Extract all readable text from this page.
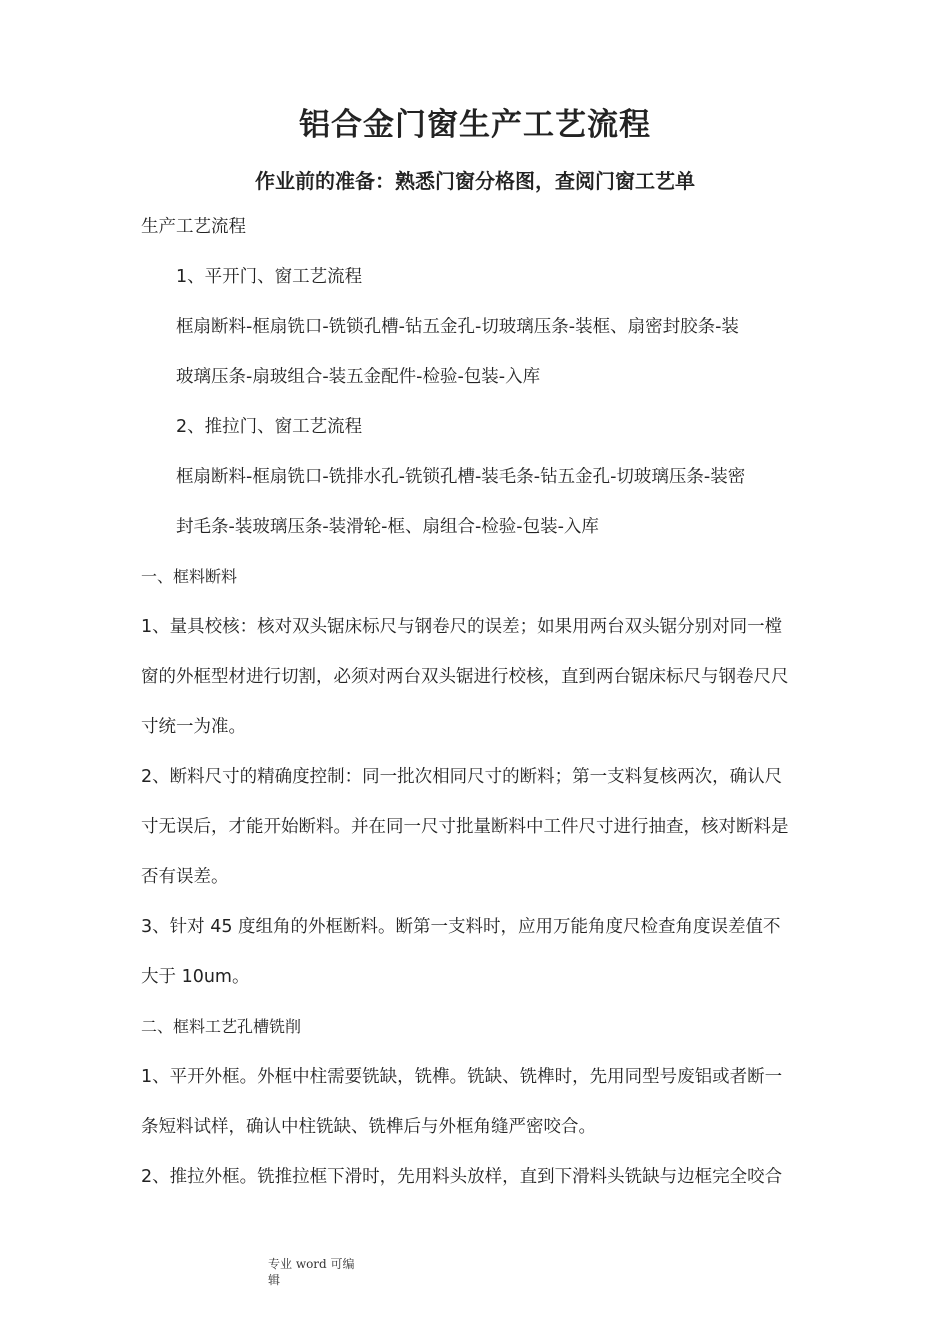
铝合金门窗生产工艺流程
作业前的准备：熟悉门窗分格图，查阅门窗工艺单

生产工艺流程

1、平开门、窗工艺流程

框扇断料-框扇铣口-铣锁孔槽-钻五金孔-切玻璃压条-装框、扇密封胶条-装

玻璃压条-扇玻组合-装五金配件-检验-包装-入库

2、推拉门、窗工艺流程

框扇断料-框扇铣口-铣排水孔-铣锁孔槽-装毛条-钻五金孔-切玻璃压条-装密

封毛条-装玻璃压条-装滑轮-框、扇组合-检验-包装-入库

一、框料断料

1、量具校核：核对双头锯床标尺与钢卷尺的误差；如果用两台双头锯分别对同一樘

窗的外框型材进行切割，必须对两台双头锯进行校核，直到两台锯床标尺与钢卷尺尺

寸统一为准。

2、断料尺寸的精确度控制：同一批次相同尺寸的断料；第一支料复核两次，确认尺

寸无误后，才能开始断料。并在同一尺寸批量断料中工件尺寸进行抽查，核对断料是

否有误差。

3、针对 45 度组角的外框断料。断第一支料时，应用万能角度尺检查角度误差值不

大于 10um。

二、框料工艺孔槽铣削

1、平开外框。外框中柱需要铣缺，铣榫。铣缺、铣榫时，先用同型号废铝或者断一

条短料试样，确认中柱铣缺、铣榫后与外框角缝严密咬合。

2、推拉外框。铣推拉框下滑时，先用料头放样，直到下滑料头铣缺与边框完全咬合

专业 word 可编辑
